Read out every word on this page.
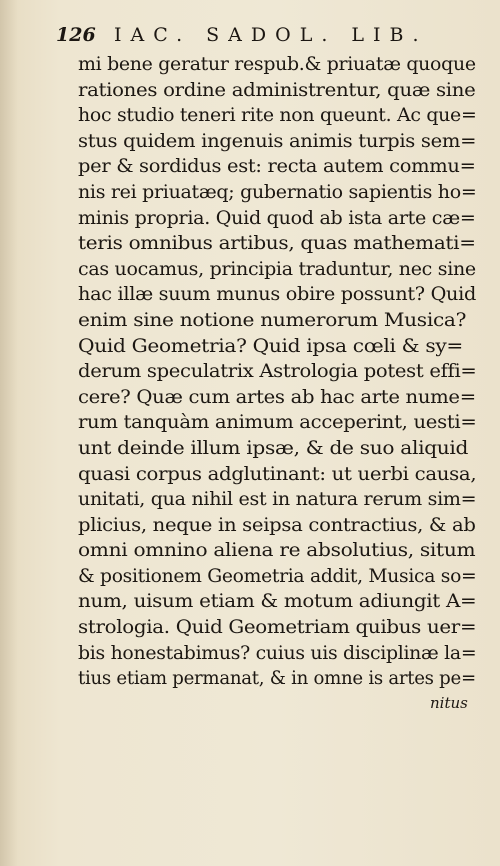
126 IAC. SADOL. LIB.
mi bene geratur respub.& priuatæ quoque
rationes ordine administrentur, quæ sine
hoc studio teneri rite non queunt. Ac que=
stus quidem ingenuis animis turpis sem=
per & sordidus est: recta autem commu=
nis rei priuatæq; gubernatio sapientis ho=
minis propria. Quid quod ab ista arte cæ=
teris omnibus artibus, quas mathemati=
cas uocamus, principia traduntur, nec sine
hac illæ suum munus obire possunt? Quid
enim sine notione numerorum Musica?
Quid Geometria? Quid ipsa cœli & sy=
derum speculatrix Astrologia potest effi=
cere? Quæ cum artes ab hac arte nume=
rum tanquàm animum acceperint, uesti=
unt deinde illum ipsæ, & de suo aliquid
quasi corpus adglutinant: ut uerbi causa,
unitati, qua nihil est in natura rerum sim=
plicius, neque in seipsa contractius, & ab
omni omnino aliena re absolutius, situm
& positionem Geometria addit, Musica so=
num, uisum etiam & motum adiungit A=
strologia. Quid Geometriam quibus uer=
bis honestabimus? cuius uis disciplinæ la=
tius etiam permanat, & in omne is artes pe=
nitus
